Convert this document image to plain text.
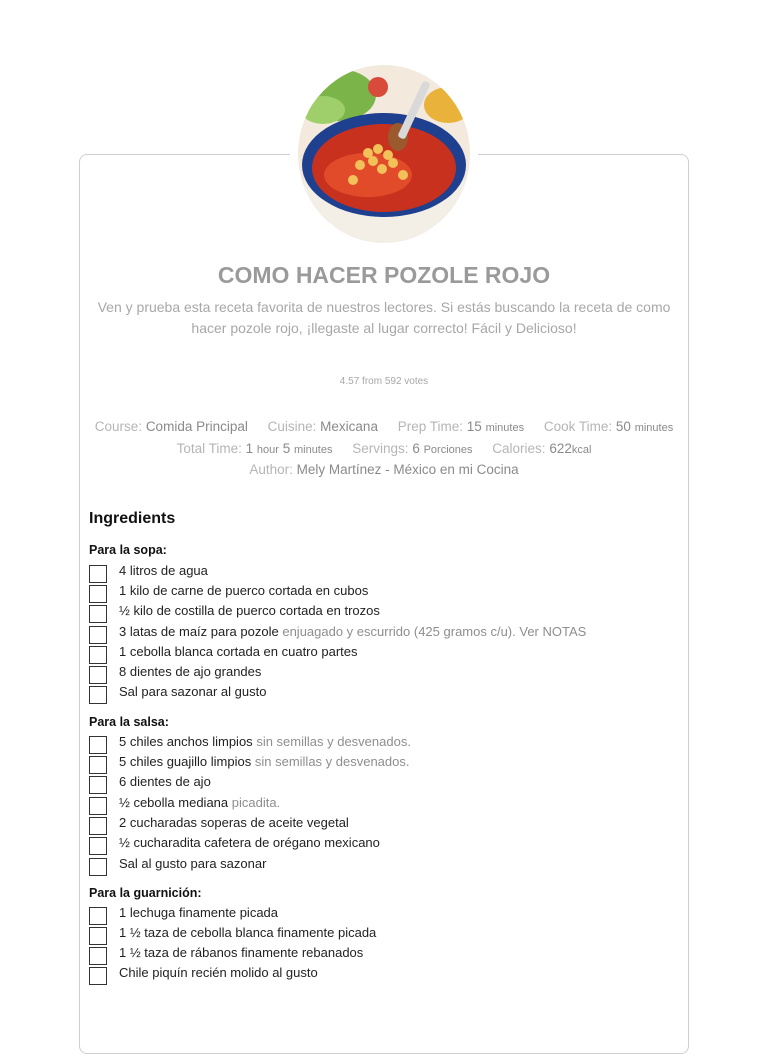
COMO HACER POZOLE ROJO

Ven y prueba esta receta favorita de nuestros lectores. Si estás buscando la receta de como hacer pozole rojo, ¡llegaste al lugar correcto! Fácil y Delicioso!

4.57 from 592 votes
Course: Comida Principal Cuisine: Mexicana Prep Time: 15 minutes Cook Time: 50 minutes
Total Time: 1 hour 5 minutes Servings: 6 Porciones Calories: 622kcal
Author: Mely Martínez - México en mi Cocina
Ingredients
Para la sopa:
4 litros de agua
1 kilo de carne de puerco cortada en cubos
½ kilo de costilla de puerco cortada en trozos
3 latas de maíz para pozole enjuagado y escurrido (425 gramos c/u). Ver NOTAS
1 cebolla blanca cortada en cuatro partes
8 dientes de ajo grandes
Sal para sazonar al gusto
Para la salsa:
5 chiles anchos limpios sin semillas y desvenados.
5 chiles guajillo limpios sin semillas y desvenados.
6 dientes de ajo
½ cebolla mediana picadita.
2 cucharadas soperas de aceite vegetal
½ cucharadita cafetera de orégano mexicano
Sal al gusto para sazonar
Para la guarnición:
1 lechuga finamente picada
1 ½ taza de cebolla blanca finamente picada
1 ½ taza de rábanos finamente rebanados
Chile piquín recién molido al gusto
